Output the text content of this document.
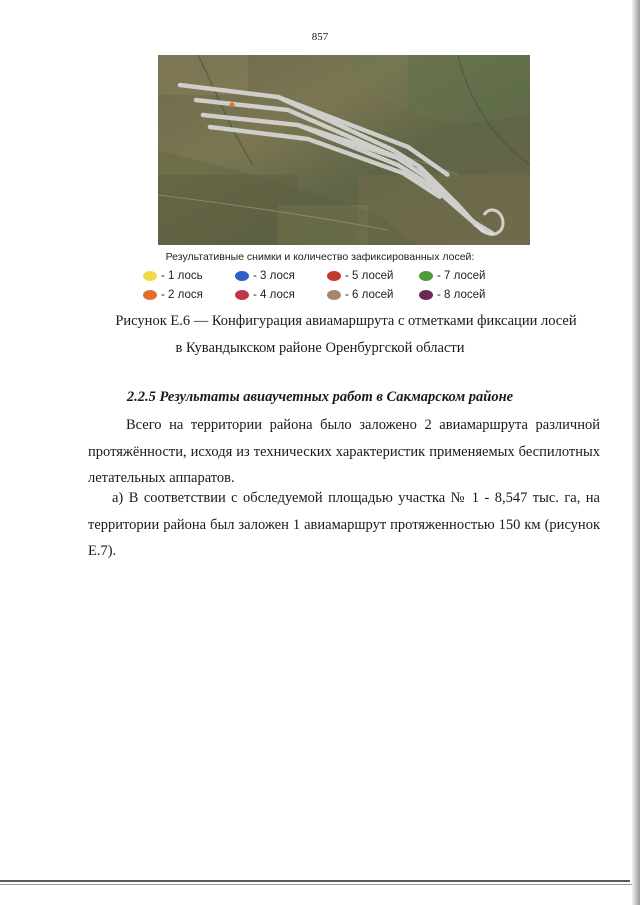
857
Результативные снимки и количество зафиксированных лосей:
- 1 лось	- 3 лося	- 5 лосей	- 7 лосей
- 2 лося	- 4 лося	- 6 лосей	- 8 лосей
Рисунок Е.6 — Конфигурация авиамаршрута с отметками фиксации лосей
в Кувандыкском районе Оренбургской области
2.2.5 Результаты авиаучетных работ в Сакмарском районе

Всего на территории района было заложено 2 авиамаршрута различной протяжённости, исходя из технических характеристик применяемых беспилотных летательных аппаратов.

а) В соответствии с обследуемой площадью участка № 1 - 8,547 тыс. га, на территории района был заложен 1 авиамаршрут протяженностью 150 км (рисунок Е.7).
